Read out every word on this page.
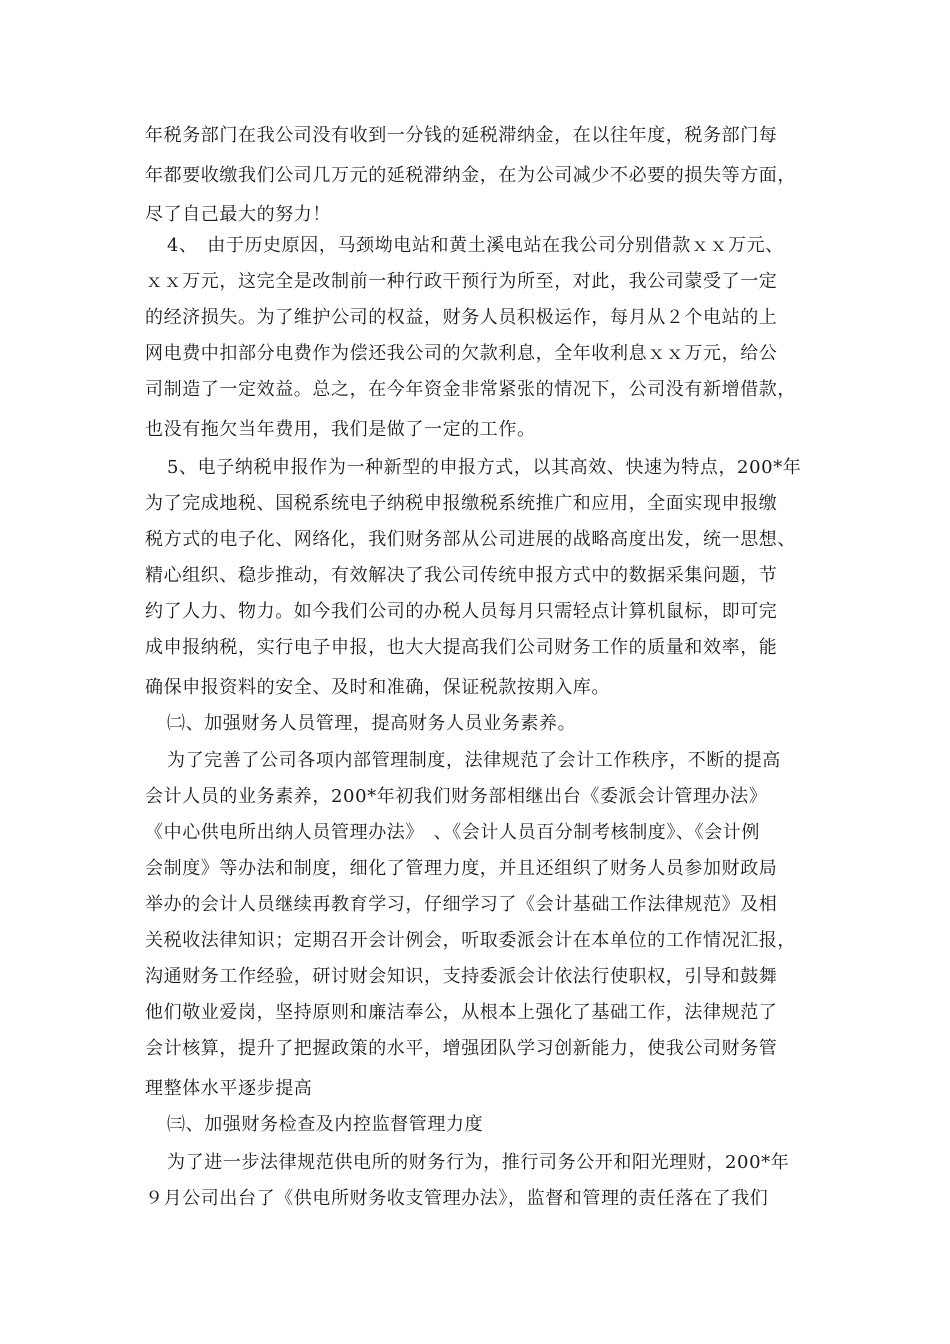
年税务部门在我公司没有收到一分钱的延税滞纳金，在以往年度，税务部门每
年都要收缴我们公司几万元的延税滞纳金，在为公司减少不必要的损失等方面，
尽了自己最大的努力！
4、　由于历史原因，马颈坳电站和黄土溪电站在我公司分别借款ｘｘ万元、
ｘｘ万元，这完全是改制前一种行政干预行为所至，对此，我公司蒙受了一定
的经济损失。为了维护公司的权益，财务人员积极运作，每月从２个电站的上
网电费中扣部分电费作为偿还我公司的欠款利息，全年收利息ｘｘ万元，给公
司制造了一定效益。总之，在今年资金非常紧张的情况下，公司没有新增借款，
也没有拖欠当年费用，我们是做了一定的工作。
5、电子纳税申报作为一种新型的申报方式，以其高效、快速为特点，200*年
为了完成地税、国税系统电子纳税申报缴税系统推广和应用，全面实现申报缴
税方式的电子化、网络化，我们财务部从公司进展的战略高度出发，统一思想、
精心组织、稳步推动，有效解决了我公司传统申报方式中的数据采集问题，节
约了人力、物力。如今我们公司的办税人员每月只需轻点计算机鼠标，即可完
成申报纳税，实行电子申报，也大大提高我们公司财务工作的质量和效率，能
确保申报资料的安全、及时和准确，保证税款按期入库。
㈡、加强财务人员管理，提高财务人员业务素养。
为了完善了公司各项内部管理制度，法律规范了会计工作秩序，不断的提高
会计人员的业务素养，200*年初我们财务部相继出台《委派会计管理办法》
《中心供电所出纳人员管理办法》　、《会计人员百分制考核制度》、《会计例
会制度》等办法和制度，细化了管理力度，并且还组织了财务人员参加财政局
举办的会计人员继续再教育学习，仔细学习了《会计基础工作法律规范》及相
关税收法律知识；定期召开会计例会，听取委派会计在本单位的工作情况汇报，
沟通财务工作经验，研讨财会知识，支持委派会计依法行使职权，引导和鼓舞
他们敬业爱岗，坚持原则和廉洁奉公，从根本上强化了基础工作，法律规范了
会计核算，提升了把握政策的水平，增强团队学习创新能力，使我公司财务管
理整体水平逐步提高
㈢、加强财务检查及内控监督管理力度
为了进一步法律规范供电所的财务行为，推行司务公开和阳光理财，200*年
９月公司出台了《供电所财务收支管理办法》，监督和管理的责任落在了我们
